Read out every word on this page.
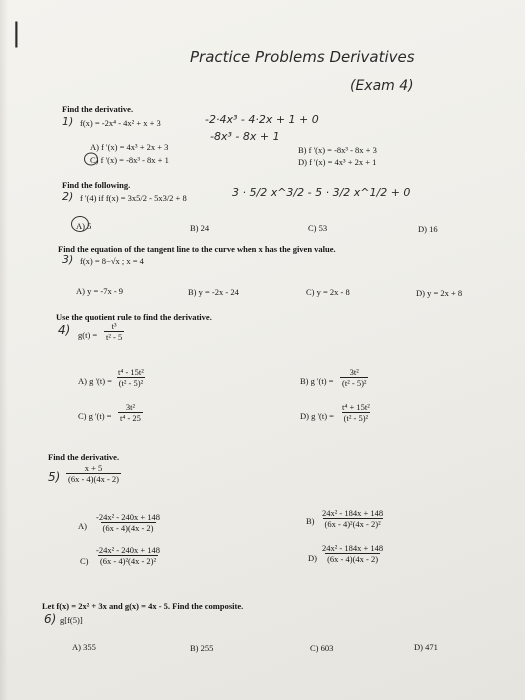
|
Practice Problems Derivatives
(Exam 4)
Find the derivative.
1) f(x) = -2x⁴ - 4x² + x + 3	-2·4x³ - 4·2x + 1 + 0
-8x³ - 8x + 1
A) f '(x) = 4x³ + 2x + 3	B) f '(x) = -8x³ - 8x + 3
C) f '(x) = -8x³ - 8x + 1	D) f '(x) = 4x³ + 2x + 1
Find the following.
2) f '(4) if f(x) = 3x5/2 - 5x3/2 + 8	3 · 5/2 x^3/2 - 5 · 3/2 x^1/2 + 0
A) 5	B) 24	C) 53	D) 16
Find the equation of the tangent line to the curve when x has the given value.
3) f(x) = 8−√x ; x = 4
A) y = -7x - 9	B) y = -2x - 24	C) y = 2x - 8	D) y = 2x + 8
Use the quotient rule to find the derivative.
4) $g(t) = \frac{\text{t³}}{\text{t² - 5}}$
A) g '$(t) = \frac{\text{t⁴ - 15t²}}{\text{(t² - 5)²}}$	B) g '$(t) = \frac{\text{3t²}}{\text{(t² - 5)²}}$
C) g '$(t) = \frac{\text{3t²}}{\text{t⁴ - 25}}$	D) g '$(t) = \frac{\text{t⁴ + 15t²}}{\text{(t² - 5)²}}$
Find the derivative.
$5) \frac{x + 5}{(6x - 4)(4x - 2)}$
$A) \frac{\text{-24x² - 240x + 148}}{(6x - 4)(4x - 2)}$	$B) \frac{\text{24x² - 184x + 148}}{\text{(6x - 4)²(4x - 2)²}}$
$C) \frac{\text{-24x² - 240x + 148}}{\text{(6x - 4)²(4x - 2)²}}$	$D) \frac{\text{24x² - 184x + 148}}{(6x - 4)(4x - 2)}$
Let f(x) = 2x² + 3x and g(x) = 4x - 5. Find the composite.
6) g[f(5)]
A) 355	B) 255	C) 603	D) 471
